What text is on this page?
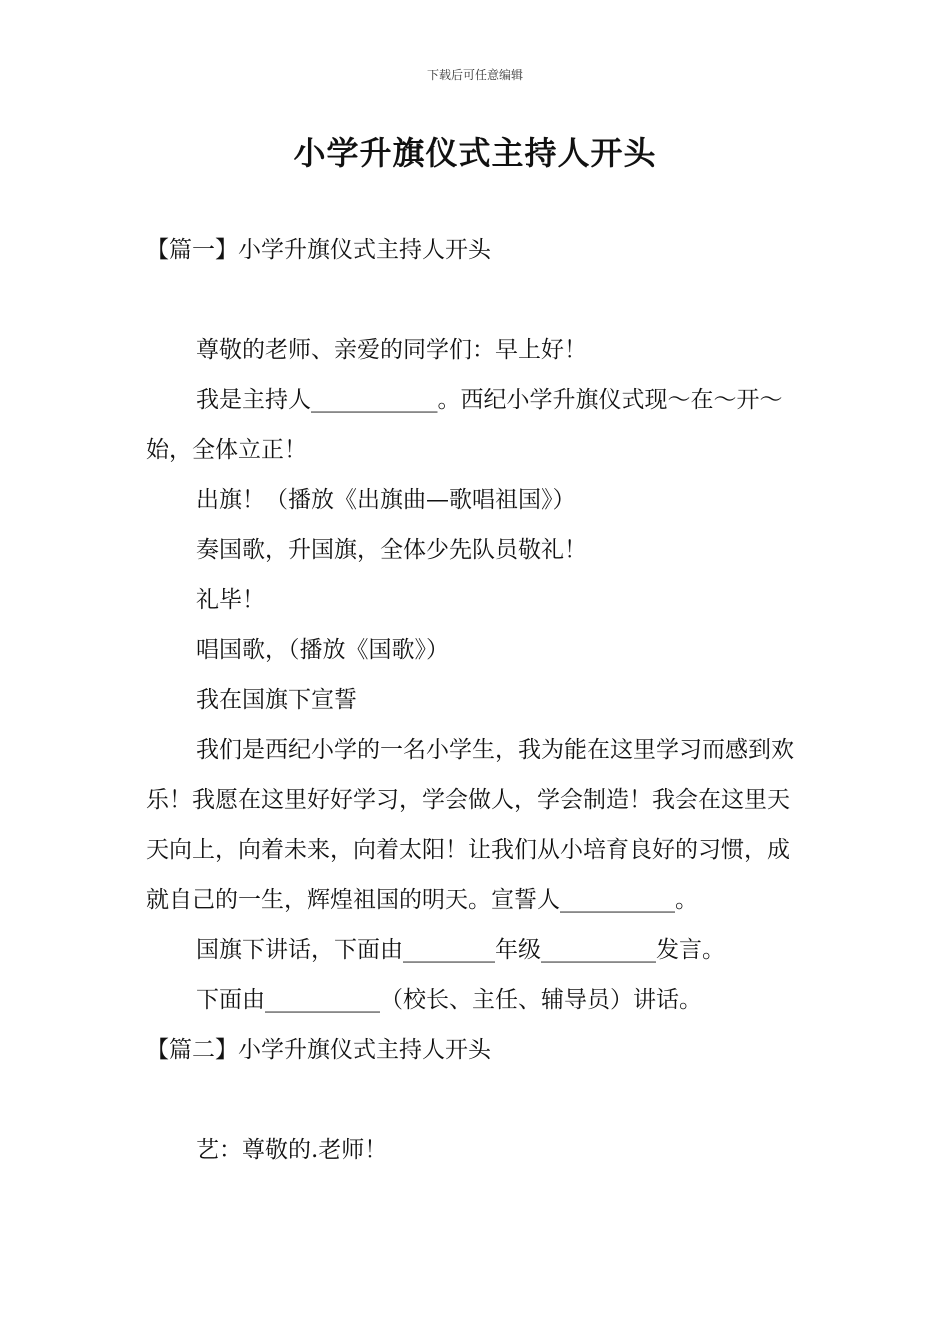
下载后可任意编辑
小学升旗仪式主持人开头

【篇一】小学升旗仪式主持人开头

尊敬的老师、亲爱的同学们：早上好！

我是主持人___________。西纪小学升旗仪式现～在～开～始，全体立正！

出旗！（播放《出旗曲—歌唱祖国》）

奏国歌，升国旗，全体少先队员敬礼！

礼毕！

唱国歌，（播放《国歌》）

我在国旗下宣誓

我们是西纪小学的一名小学生，我为能在这里学习而感到欢乐！我愿在这里好好学习，学会做人，学会制造！我会在这里天天向上，向着未来，向着太阳！让我们从小培育良好的习惯，成就自己的一生，辉煌祖国的明天。宣誓人__________。

国旗下讲话，下面由________年级__________发言。

下面由__________（校长、主任、辅导员）讲话。

【篇二】小学升旗仪式主持人开头

艺：尊敬的.老师！
